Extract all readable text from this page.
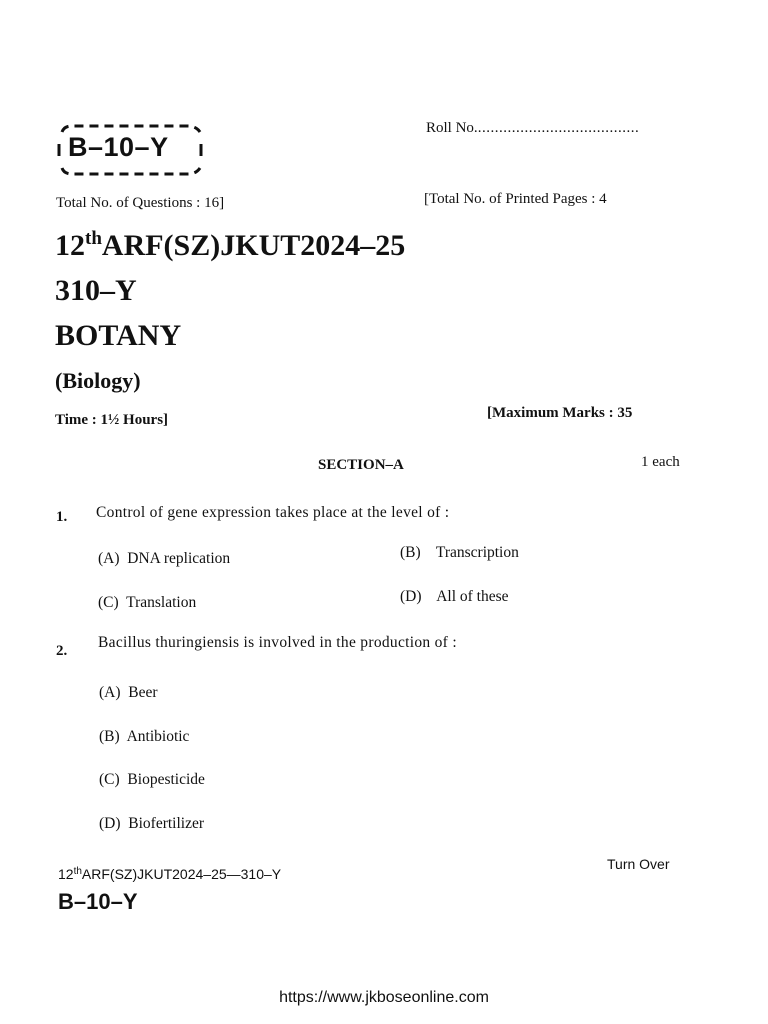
B–10–Y
Roll No.......................................
Total No. of Questions : 16]	[Total No. of Printed Pages : 4
12thARF(SZ)JKUT2024–25
310–Y
BOTANY
(Biology)
Time : 1½ Hours]	[Maximum Marks : 35
SECTION–A	1 each
1. Control of gene expression takes place at the level of :
(A) DNA replication	(B) Transcription
(C) Translation	(D) All of these
2. Bacillus thuringiensis is involved in the production of :
(A) Beer
(B) Antibiotic
(C) Biopesticide
(D) Biofertilizer
12thARF(SZ)JKUT2024–25—310–Y
B–10–Y
Turn Over
https://www.jkboseonline.com
